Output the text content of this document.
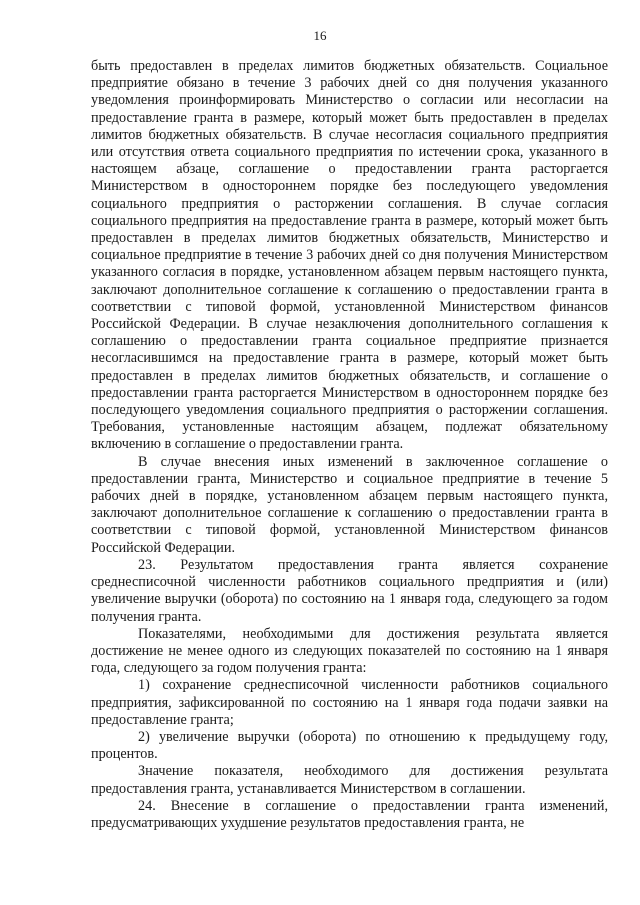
16

быть предоставлен в пределах лимитов бюджетных обязательств. Социальное предприятие обязано в течение 3 рабочих дней со дня получения указанного уведомления проинформировать Министерство о согласии или несогласии на предоставление гранта в размере, который может быть предоставлен в пределах лимитов бюджетных обязательств. В случае несогласия социального предприятия или отсутствия ответа социального предприятия по истечении срока, указанного в настоящем абзаце, соглашение о предоставлении гранта расторгается Министерством в одностороннем порядке без последующего уведомления социального предприятия о расторжении соглашения. В случае согласия социального предприятия на предоставление гранта в размере, который может быть предоставлен в пределах лимитов бюджетных обязательств, Министерство и социальное предприятие в течение 3 рабочих дней со дня получения Министерством указанного согласия в порядке, установленном абзацем первым настоящего пункта, заключают дополнительное соглашение к соглашению о предоставлении гранта в соответствии с типовой формой, установленной Министерством финансов Российской Федерации. В случае незаключения дополнительного соглашения к соглашению о предоставлении гранта социальное предприятие признается несогласившимся на предоставление гранта в размере, который может быть предоставлен в пределах лимитов бюджетных обязательств, и соглашение о предоставлении гранта расторгается Министерством в одностороннем порядке без последующего уведомления социального предприятия о расторжении соглашения. Требования, установленные настоящим абзацем, подлежат обязательному включению в соглашение о предоставлении гранта.

В случае внесения иных изменений в заключенное соглашение о предоставлении гранта, Министерство и социальное предприятие в течение 5 рабочих дней в порядке, установленном абзацем первым настоящего пункта, заключают дополнительное соглашение к соглашению о предоставлении гранта в соответствии с типовой формой, установленной Министерством финансов Российской Федерации.

23. Результатом предоставления гранта является сохранение среднесписочной численности работников социального предприятия и (или) увеличение выручки (оборота) по состоянию на 1 января года, следующего за годом получения гранта.

Показателями, необходимыми для достижения результата является достижение не менее одного из следующих показателей по состоянию на 1 января года, следующего за годом получения гранта:

1) сохранение среднесписочной численности работников социального предприятия, зафиксированной по состоянию на 1 января года подачи заявки на предоставление гранта;

2) увеличение выручки (оборота) по отношению к предыдущему году, процентов.

Значение показателя, необходимого для достижения результата предоставления гранта, устанавливается Министерством в соглашении.

24. Внесение в соглашение о предоставлении гранта изменений, предусматривающих ухудшение результатов предоставления гранта, не
